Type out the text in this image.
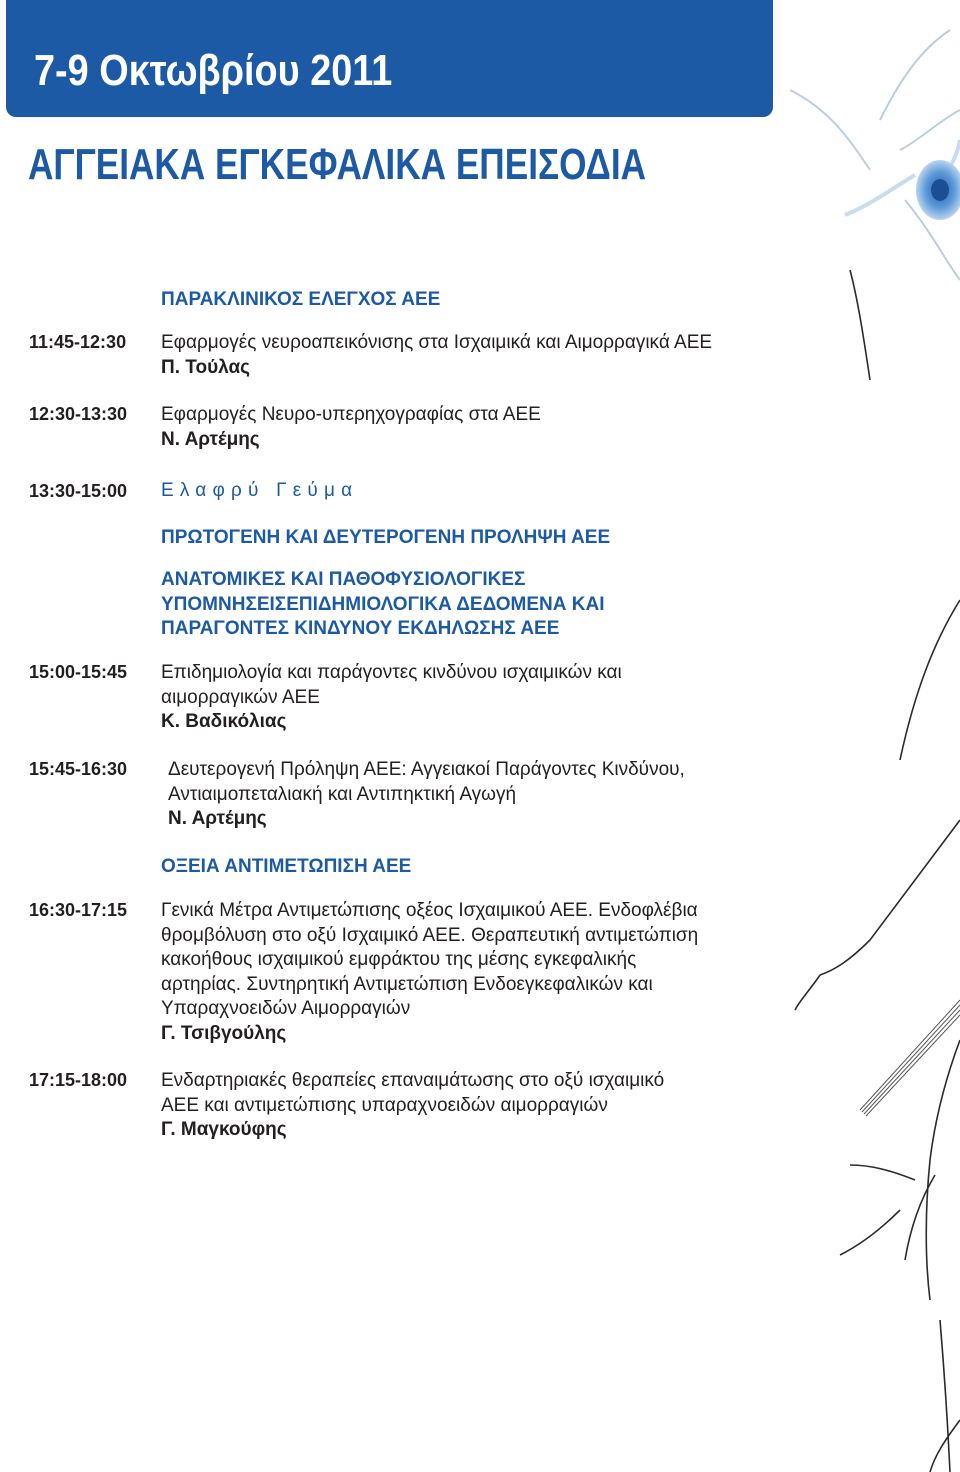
7-9 Οκτωβρίου 2011
ΑΓΓΕΙΑΚΑ ΕΓΚΕΦΑΛΙΚΑ ΕΠΕΙΣΟΔΙΑ
ΠΑΡΑΚΛΙΝΙΚΟΣ ΕΛΕΓΧΟΣ ΑΕΕ
ΠΡΩΤΟΓΕΝΗ ΚΑΙ ΔΕΥΤΕΡΟΓΕΝΗ ΠΡΟΛΗΨΗ ΑΕΕ
ΑΝΑΤΟΜΙΚΕΣ ΚΑΙ ΠΑΘΟΦΥΣΙΟΛΟΓΙΚΕΣ
ΥΠΟΜΝΗΣΕΙΣΕΠΙΔΗΜΙΟΛΟΓΙΚΑ ΔΕΔΟΜΕΝΑ ΚΑΙ
ΠΑΡΑΓΟΝΤΕΣ ΚΙΝΔΥΝΟΥ ΕΚΔΗΛΩΣΗΣ ΑΕΕ
ΟΞΕΙΑ ΑΝΤΙΜΕΤΩΠΙΣΗ ΑΕΕ
11:45-12:30 Εφαρμογές νευροαπεικόνισης στα Ισχαιμικά και Αιμορραγικά ΑΕΕ
Π. Τούλας
12:30-13:30 Εφαρμογές Νευρο-υπερηχογραφίας στα ΑΕΕ
Ν. Αρτέμης
13:30-15:00 Ελαφρύ Γεύμα
15:00-15:45 Επιδημιολογία και παράγοντες κινδύνου ισχαιμικών και
αιμορραγικών ΑΕΕ
Κ. Βαδικόλιας
15:45-16:30 Δευτερογενή Πρόληψη ΑΕΕ: Αγγειακοί Παράγοντες Κινδύνου,
Αντιαιμοπεταλιακή και Αντιπηκτική Αγωγή
Ν. Αρτέμης
16:30-17:15 Γενικά Μέτρα Αντιμετώπισης οξέος Ισχαιμικού ΑΕΕ. Ενδοφλέβια
θρομβόλυση στο οξύ Ισχαιμικό ΑΕΕ. Θεραπευτική αντιμετώπιση
κακοήθους ισχαιμικού εμφράκτου της μέσης εγκεφαλικής
αρτηρίας. Συντηρητική Αντιμετώπιση Ενδοεγκεφαλικών και
Υπαραχνοειδών Αιμορραγιών
Γ. Τσιβγούλης
17:15-18:00 Ενδαρτηριακές θεραπείες επαναιμάτωσης στο οξύ ισχαιμικό
ΑΕΕ και αντιμετώπισης υπαραχνοειδών αιμορραγιών
Γ. Μαγκούφης
